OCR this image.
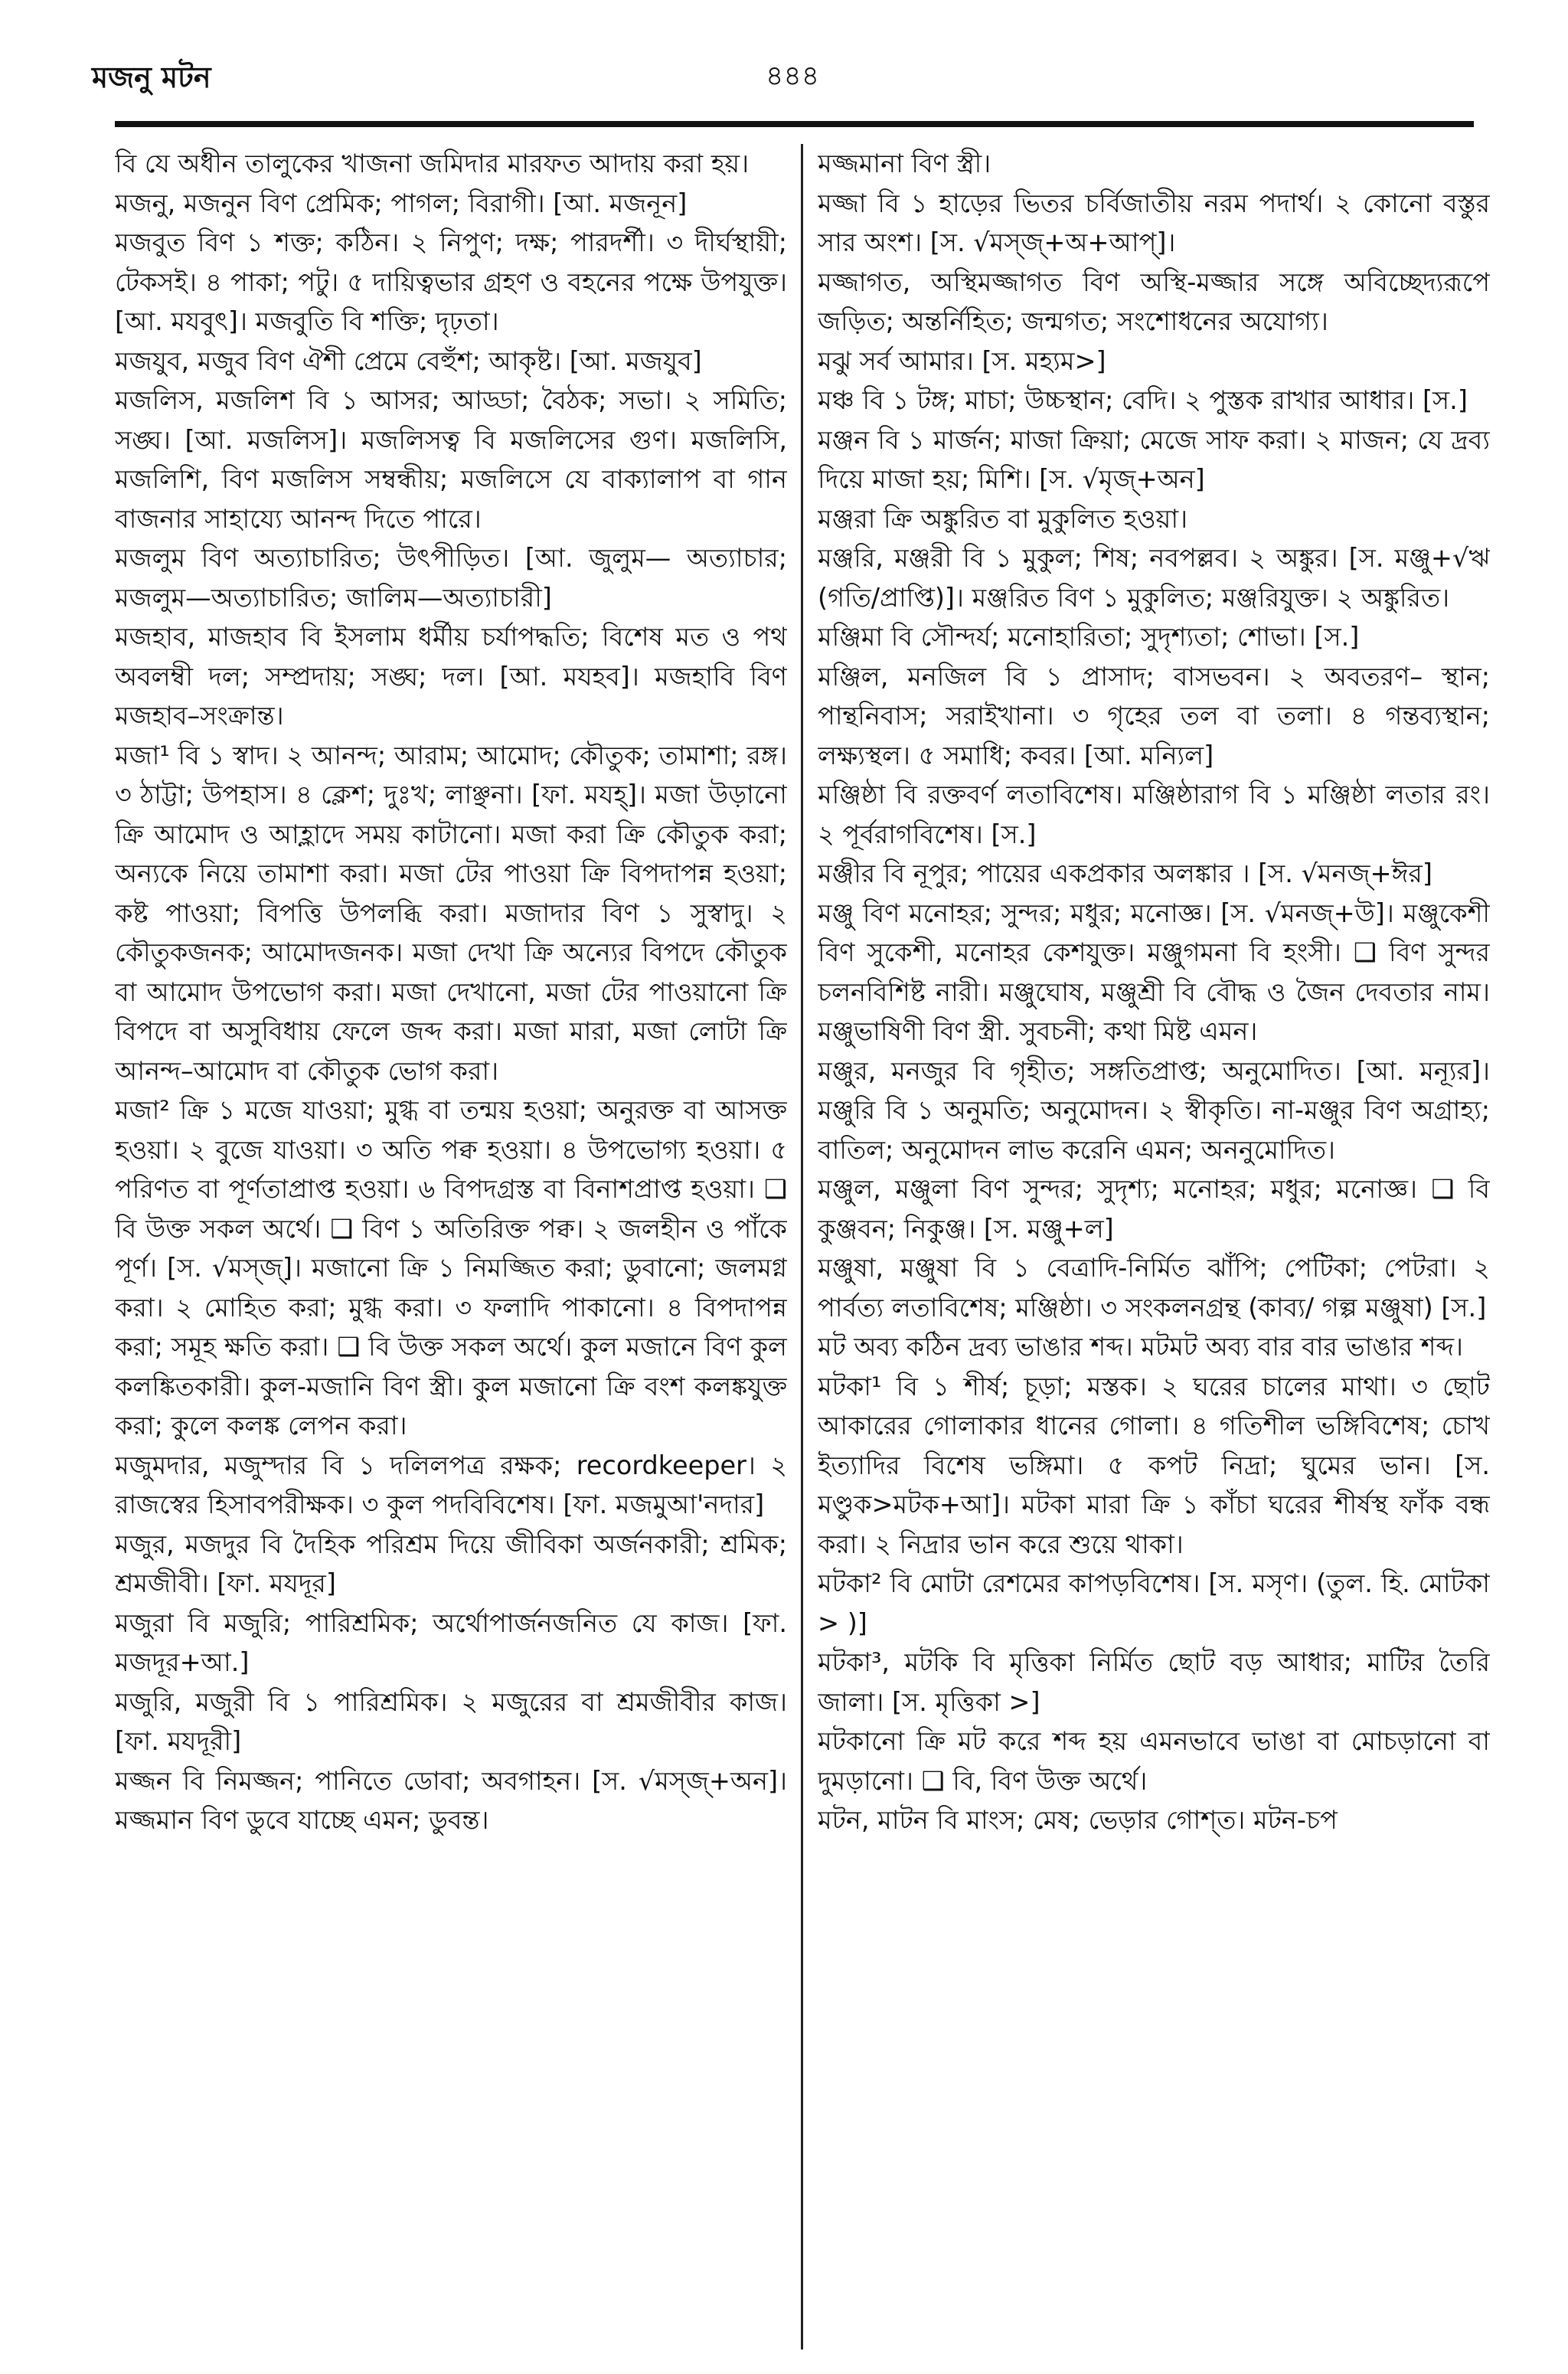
মজনু মটন	৪৪৪

বি যে অধীন তালুকের খাজনা জমিদার মারফত আদায় করা হয়।

মজনু, মজনুন বিণ প্রেমিক; পাগল; বিরাগী। [আ. মজনূন]

মজবুত বিণ ১ শক্ত; কঠিন। ২ নিপুণ; দক্ষ; পারদর্শী। ৩ দীর্ঘস্থায়ী; টেকসই। ৪ পাকা; পটু। ৫ দায়িত্বভার গ্রহণ ও বহনের পক্ষে উপযুক্ত। [আ. মযবুৎ]। মজবুতি বি শক্তি; দৃঢ়তা।

মজযুব, মজুব বিণ ঐশী প্রেমে বেহুঁশ; আকৃষ্ট। [আ. মজযুব]

মজলিস, মজলিশ বি ১ আসর; আড্ডা; বৈঠক; সভা। ২ সমিতি; সঙ্ঘ। [আ. মজলিস]। মজলিসত্ব বি মজলিসের গুণ। মজলিসি, মজলিশি, বিণ মজলিস সম্বন্ধীয়; মজলিসে যে বাক্যালাপ বা গান বাজনার সাহায্যে আনন্দ দিতে পারে।

মজলুম বিণ অত্যাচারিত; উৎপীড়িত। [আ. জুলুম— অত্যাচার; মজলুম—অত্যাচারিত; জালিম—অত্যাচারী]

মজহাব, মাজহাব বি ইসলাম ধর্মীয় চর্যাপদ্ধতি; বিশেষ মত ও পথ অবলম্বী দল; সম্প্রদায়; সঙ্ঘ; দল। [আ. মযহব]। মজহাবি বিণ মজহাব–সংক্রান্ত।

মজা¹ বি ১ স্বাদ। ২ আনন্দ; আরাম; আমোদ; কৌতুক; তামাশা; রঙ্গ। ৩ ঠাট্টা; উপহাস। ৪ ক্লেশ; দুঃখ; লাঞ্ছনা। [ফা. মযহ্]। মজা উড়ানো ক্রি আমোদ ও আহ্লাদে সময় কাটানো। মজা করা ক্রি কৌতুক করা; অন্যকে নিয়ে তামাশা করা। মজা টের পাওয়া ক্রি বিপদাপন্ন হওয়া; কষ্ট পাওয়া; বিপত্তি উপলব্ধি করা। মজাদার বিণ ১ সুস্বাদু। ২ কৌতুকজনক; আমোদজনক। মজা দেখা ক্রি অন্যের বিপদে কৌতুক বা আমোদ উপভোগ করা। মজা দেখানো, মজা টের পাওয়ানো ক্রি বিপদে বা অসুবিধায় ফেলে জব্দ করা। মজা মারা, মজা লোটা ক্রি আনন্দ–আমোদ বা কৌতুক ভোগ করা।

মজা² ক্রি ১ মজে যাওয়া; মুগ্ধ বা তন্ময় হওয়া; অনুরক্ত বা আসক্ত হওয়া। ২ বুজে যাওয়া। ৩ অতি পক্ব হওয়া। ৪ উপভোগ্য হওয়া। ৫ পরিণত বা পূর্ণতাপ্রাপ্ত হওয়া। ৬ বিপদগ্রস্ত বা বিনাশপ্রাপ্ত হওয়া। ❑ বি উক্ত সকল অর্থে। ❑ বিণ ১ অতিরিক্ত পক্ব। ২ জলহীন ও পাঁকে পূর্ণ। [স. √মস্জ্]। মজানো ক্রি ১ নিমজ্জিত করা; ডুবানো; জলমগ্ন করা। ২ মোহিত করা; মুগ্ধ করা। ৩ ফলাদি পাকানো। ৪ বিপদাপন্ন করা; সমূহ ক্ষতি করা। ❑ বি উক্ত সকল অর্থে। কুল মজানে বিণ কুল কলঙ্কিতকারী। কুল-মজানি বিণ স্ত্রী। কুল মজানো ক্রি বংশ কলঙ্কযুক্ত করা; কুলে কলঙ্ক লেপন করা।

মজুমদার, মজুম্দার বি ১ দলিলপত্র রক্ষক; recordkeeper। ২ রাজস্বের হিসাবপরীক্ষক। ৩ কুল পদবিবিশেষ। [ফা. মজমুআ'নদার]

মজুর, মজদুর বি দৈহিক পরিশ্রম দিয়ে জীবিকা অর্জনকারী; শ্রমিক; শ্রমজীবী। [ফা. মযদূর]

মজুরা বি মজুরি; পারিশ্রমিক; অর্থোপার্জনজনিত যে কাজ। [ফা. মজদূর+আ.]

মজুরি, মজুরী বি ১ পারিশ্রমিক। ২ মজুরের বা শ্রমজীবীর কাজ। [ফা. মযদূরী]

মজ্জন বি নিমজ্জন; পানিতে ডোবা; অবগাহন। [স. √মস্জ্+অন]। মজ্জমান বিণ ডুবে যাচ্ছে এমন; ডুবন্ত।

মজ্জমানা বিণ স্ত্রী।

মজ্জা বি ১ হাড়ের ভিতর চর্বিজাতীয় নরম পদার্থ। ২ কোনো বস্তুর সার অংশ। [স. √মস্জ্+অ+আপ্]।

মজ্জাগত, অস্থিমজ্জাগত বিণ অস্থি-মজ্জার সঙ্গে অবিচ্ছেদ্যরূপে জড়িত; অন্তর্নিহিত; জন্মগত; সংশোধনের অযোগ্য।

মঝু সর্ব আমার। [স. মহ্যম>]

মঞ্চ বি ১ টঙ্গ; মাচা; উচ্চস্থান; বেদি। ২ পুস্তক রাখার আধার। [স.]

মঞ্জন বি ১ মার্জন; মাজা ক্রিয়া; মেজে সাফ করা। ২ মাজন; যে দ্রব্য দিয়ে মাজা হয়; মিশি। [স. √মৃজ্+অন]

মঞ্জরা ক্রি অঙ্কুরিত বা মুকুলিত হওয়া।

মঞ্জরি, মঞ্জরী বি ১ মুকুল; শিষ; নবপল্লব। ২ অঙ্কুর। [স. মঞ্জু+√ঋ (গতি/প্রাপ্তি)]। মঞ্জরিত বিণ ১ মুকুলিত; মঞ্জরিযুক্ত। ২ অঙ্কুরিত।

মঞ্জিমা বি সৌন্দর্য; মনোহারিতা; সুদৃশ্যতা; শোভা। [স.]

মঞ্জিল, মনজিল বি ১ প্রাসাদ; বাসভবন। ২ অবতরণ– স্থান; পান্থনিবাস; সরাইখানা। ৩ গৃহের তল বা তলা। ৪ গন্তব্যস্থান; লক্ষ্যস্থল। ৫ সমাধি; কবর। [আ. মন্যিল]

মঞ্জিষ্ঠা বি রক্তবর্ণ লতাবিশেষ। মঞ্জিষ্ঠারাগ বি ১ মঞ্জিষ্ঠা লতার রং। ২ পূর্বরাগবিশেষ। [স.]

মঞ্জীর বি নূপুর; পায়ের একপ্রকার অলঙ্কার । [স. √মনজ্+ঈর]

মঞ্জু বিণ মনোহর; সুন্দর; মধুর; মনোজ্ঞ। [স. √মনজ্+উ]। মঞ্জুকেশী বিণ সুকেশী, মনোহর কেশযুক্ত। মঞ্জুগমনা বি হংসী। ❑ বিণ সুন্দর চলনবিশিষ্ট নারী। মঞ্জুঘোষ, মঞ্জুশ্রী বি বৌদ্ধ ও জৈন দেবতার নাম। মঞ্জুভাষিণী বিণ স্ত্রী. সুবচনী; কথা মিষ্ট এমন।

মঞ্জুর, মনজুর বি গৃহীত; সঙ্গতিপ্রাপ্ত; অনুমোদিত। [আ. মন্যূর]। মঞ্জুরি বি ১ অনুমতি; অনুমোদন। ২ স্বীকৃতি। না-মঞ্জুর বিণ অগ্রাহ্য; বাতিল; অনুমোদন লাভ করেনি এমন; অননুমোদিত।

মঞ্জুল, মঞ্জুলা বিণ সুন্দর; সুদৃশ্য; মনোহর; মধুর; মনোজ্ঞ। ❑ বি কুঞ্জবন; নিকুঞ্জ। [স. মঞ্জু+ল]

মঞ্জুষা, মঞ্জুষা বি ১ বেত্রাদি-নির্মিত ঝাঁপি; পেটিকা; পেটরা। ২ পার্বত্য লতাবিশেষ; মঞ্জিষ্ঠা। ৩ সংকলনগ্রন্থ (কাব্য/ গল্প মঞ্জুষা) [স.]

মট অব্য কঠিন দ্রব্য ভাঙার শব্দ। মটমট অব্য বার বার ভাঙার শব্দ।

মটকা¹ বি ১ শীর্ষ; চূড়া; মস্তক। ২ ঘরের চালের মাথা। ৩ ছোট আকারের গোলাকার ধানের গোলা। ৪ গতিশীল ভঙ্গিবিশেষ; চোখ ইত্যাদির বিশেষ ভঙ্গিমা। ৫ কপট নিদ্রা; ঘুমের ভান। [স. মণ্ডুক>মটক+আ]। মটকা মারা ক্রি ১ কাঁচা ঘরের শীর্ষস্থ ফাঁক বন্ধ করা। ২ নিদ্রার ভান করে শুয়ে থাকা।

মটকা² বি মোটা রেশমের কাপড়বিশেষ। [স. মসৃণ। (তুল. হি. মোটকা > )]

মটকা³, মটকি বি মৃত্তিকা নির্মিত ছোট বড় আধার; মাটির তৈরি জালা। [স. মৃত্তিকা >]

মটকানো ক্রি মট করে শব্দ হয় এমনভাবে ভাঙা বা মোচড়ানো বা দুমড়ানো। ❑ বি, বিণ উক্ত অর্থে।

মটন, মাটন বি মাংস; মেষ; ভেড়ার গোশ্‌ত। মটন-চপ
